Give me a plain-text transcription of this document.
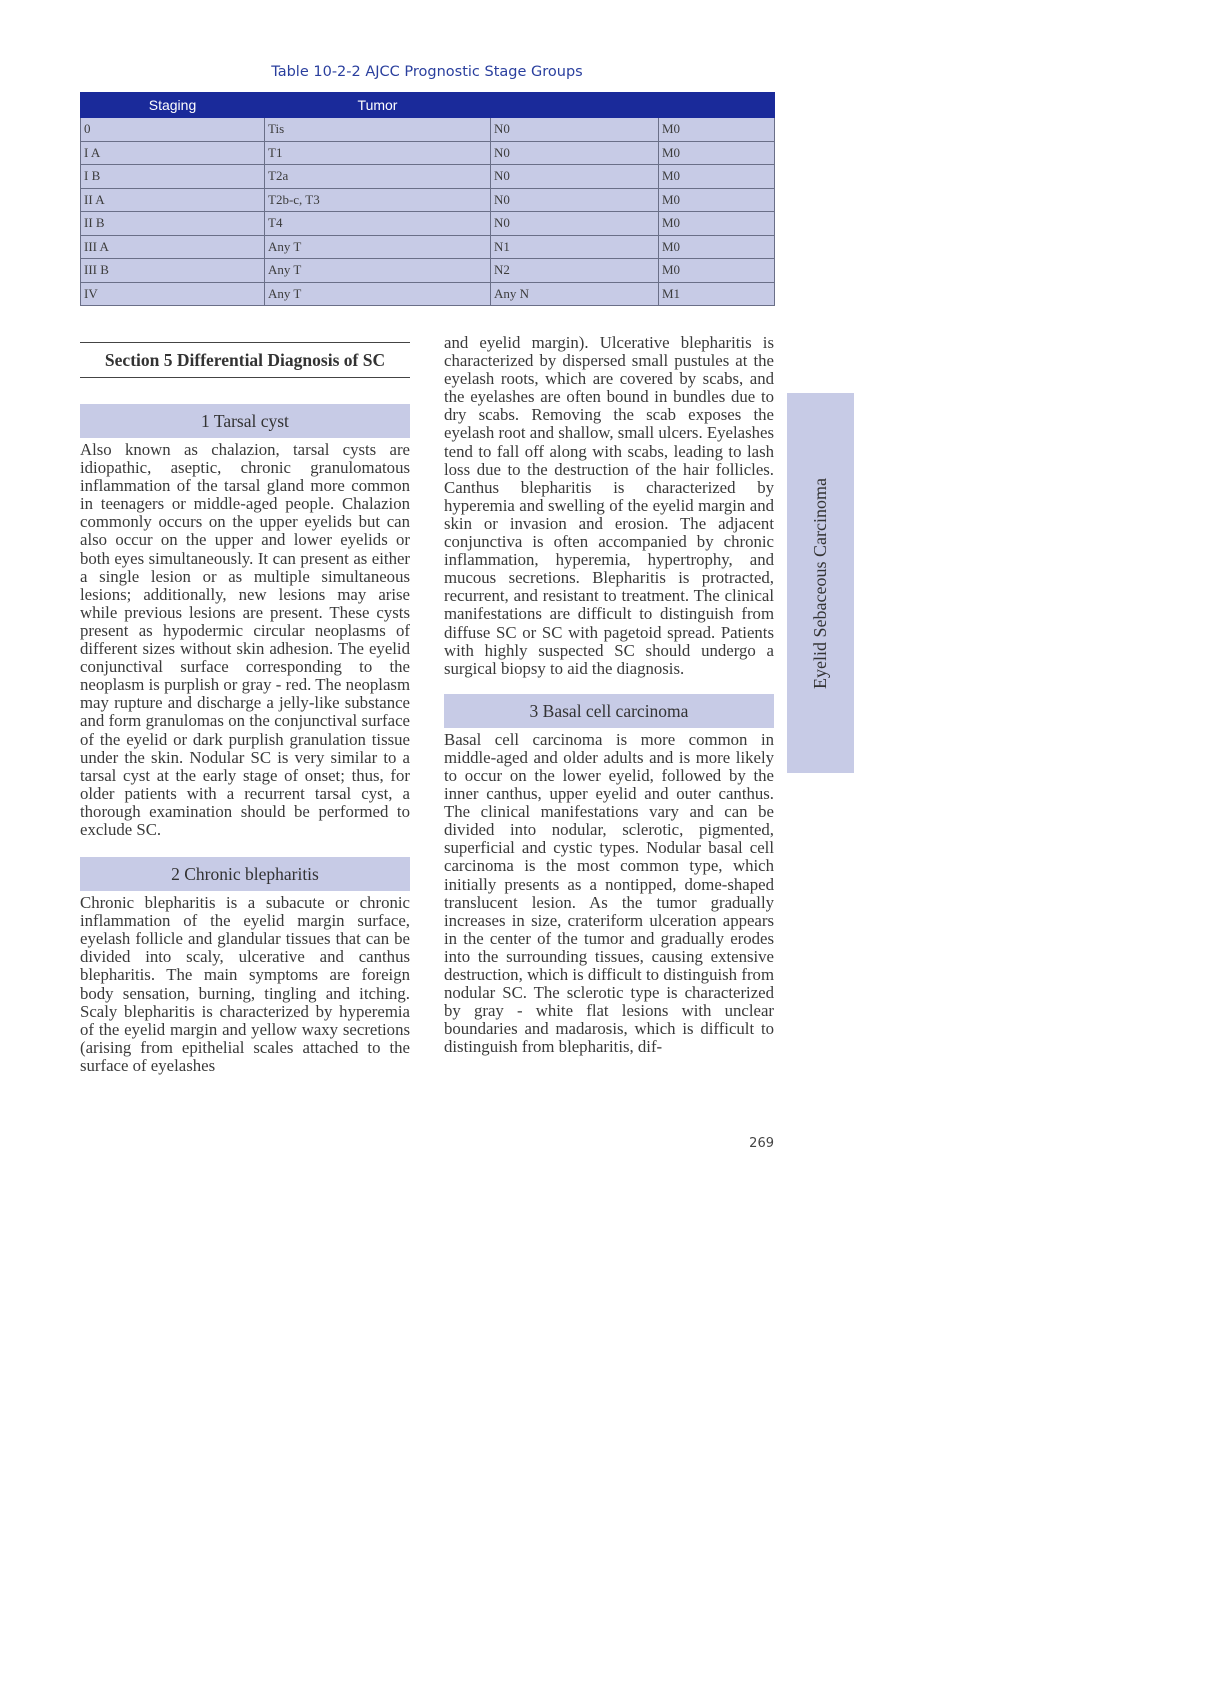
Table 10-2-2 AJCC Prognostic Stage Groups
Staging	Tumor		
0	Tis	N0	M0
I A	T1	N0	M0
I B	T2a	N0	M0
II A	T2b-c, T3	N0	M0
II B	T4	N0	M0
III A	Any T	N1	M0
III B	Any T	N2	M0
IV	Any T	Any N	M1
Section 5 Differential Diagnosis of SC
1 Tarsal cyst

Also known as chalazion, tarsal cysts are idiopathic, aseptic, chronic granulomatous inflammation of the tarsal gland more common in teenagers or middle-aged people. Chalazion commonly occurs on the upper eyelids but can also occur on the upper and lower eyelids or both eyes simultaneously. It can present as either a single lesion or as multiple simultaneous lesions; additionally, new lesions may arise while previous lesions are present. These cysts present as hypodermic circular neoplasms of different sizes without skin adhesion. The eyelid conjunctival surface corresponding to the neoplasm is purplish or gray - red. The neoplasm may rupture and discharge a jelly-like substance and form granulomas on the conjunctival surface of the eyelid or dark purplish granulation tissue under the skin. Nodular SC is very similar to a tarsal cyst at the early stage of onset; thus, for older patients with a recurrent tarsal cyst, a thorough examination should be performed to exclude SC.

2 Chronic blepharitis

Chronic blepharitis is a subacute or chronic inflammation of the eyelid margin surface, eyelash follicle and glandular tissues that can be divided into scaly, ulcerative and canthus blepharitis. The main symptoms are foreign body sensation, burning, tingling and itching. Scaly blepharitis is characterized by hyperemia of the eyelid margin and yellow waxy secretions (arising from epithelial scales attached to the surface of eyelashes

and eyelid margin). Ulcerative blepharitis is characterized by dispersed small pustules at the eyelash roots, which are covered by scabs, and the eyelashes are often bound in bundles due to dry scabs. Removing the scab exposes the eyelash root and shallow, small ulcers. Eyelashes tend to fall off along with scabs, leading to lash loss due to the destruction of the hair follicles. Canthus blepharitis is characterized by hyperemia and swelling of the eyelid margin and skin or invasion and erosion. The adjacent conjunctiva is often accompanied by chronic inflammation, hyperemia, hypertrophy, and mucous secretions. Blepharitis is protracted, recurrent, and resistant to treatment. The clinical manifestations are difficult to distinguish from diffuse SC or SC with pagetoid spread. Patients with highly suspected SC should undergo a surgical biopsy to aid the diagnosis.

3 Basal cell carcinoma

Basal cell carcinoma is more common in middle-aged and older adults and is more likely to occur on the lower eyelid, followed by the inner canthus, upper eyelid and outer canthus. The clinical manifestations vary and can be divided into nodular, sclerotic, pigmented, superficial and cystic types. Nodular basal cell carcinoma is the most common type, which initially presents as a nontipped, dome-shaped translucent lesion. As the tumor gradually increases in size, crateriform ulceration appears in the center of the tumor and gradually erodes into the surrounding tissues, causing extensive destruction, which is difficult to distinguish from nodular SC. The sclerotic type is characterized by gray - white flat lesions with unclear boundaries and madarosis, which is difficult to distinguish from blepharitis, dif-

Eyelid Sebaceous Carcinoma
269
